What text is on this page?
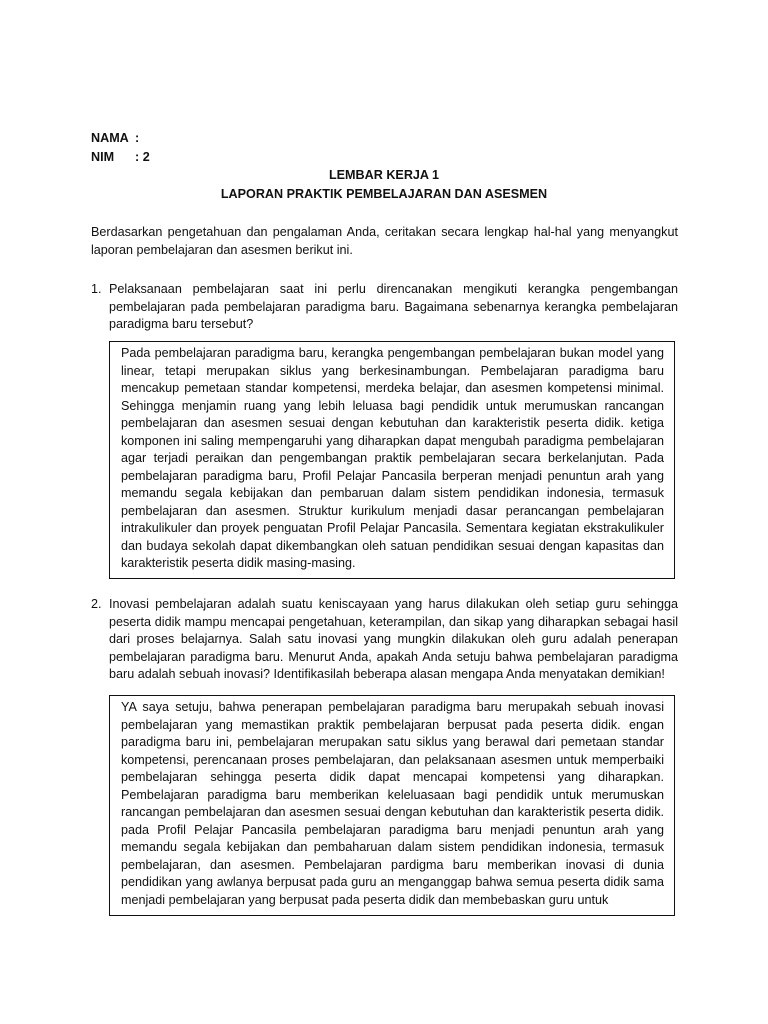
NAMA :
NIM	: 2
LEMBAR KERJA 1
LAPORAN PRAKTIK PEMBELAJARAN DAN ASESMEN
Berdasarkan pengetahuan dan pengalaman Anda, ceritakan secara lengkap hal-hal yang menyangkut laporan pembelajaran dan asesmen berikut ini.
1. Pelaksanaan pembelajaran saat ini perlu direncanakan mengikuti kerangka pengembangan pembelajaran pada pembelajaran paradigma baru. Bagaimana sebenarnya kerangka pembelajaran paradigma baru tersebut?

Pada pembelajaran paradigma baru, kerangka pengembangan pembelajaran bukan model yang linear, tetapi merupakan siklus yang berkesinambungan. Pembelajaran paradigma baru mencakup pemetaan standar kompetensi, merdeka belajar, dan asesmen kompetensi minimal. Sehingga menjamin ruang yang lebih leluasa bagi pendidik untuk merumuskan rancangan pembelajaran dan asesmen sesuai dengan kebutuhan dan karakteristik peserta didik. ketiga komponen ini saling mempengaruhi yang diharapkan dapat mengubah paradigma pembelajaran agar terjadi peraikan dan pengembangan praktik pembelajaran secara berkelanjutan. Pada pembelajaran paradigma baru, Profil Pelajar Pancasila berperan menjadi penuntun arah yang memandu segala kebijakan dan pembaruan dalam sistem pendidikan indonesia, termasuk pembelajaran dan asesmen. Struktur kurikulum menjadi dasar perancangan pembelajaran intrakulikuler dan proyek penguatan Profil Pelajar Pancasila. Sementara kegiatan ekstrakulikuler dan budaya sekolah dapat dikembangkan oleh satuan pendidikan sesuai dengan kapasitas dan karakteristik peserta didik masing-masing.

2. Inovasi pembelajaran adalah suatu keniscayaan yang harus dilakukan oleh setiap guru sehingga peserta didik mampu mencapai pengetahuan, keterampilan, dan sikap yang diharapkan sebagai hasil dari proses belajarnya. Salah satu inovasi yang mungkin dilakukan oleh guru adalah penerapan pembelajaran paradigma baru. Menurut Anda, apakah Anda setuju bahwa pembelajaran paradigma baru adalah sebuah inovasi? Identifikasilah beberapa alasan mengapa Anda menyatakan demikian!

YA saya setuju, bahwa penerapan pembelajaran paradigma baru merupakah sebuah inovasi pembelajaran yang memastikan praktik pembelajaran berpusat pada peserta didik. engan paradigma baru ini, pembelajaran merupakan satu siklus yang berawal dari pemetaan standar kompetensi, perencanaan proses pembelajaran, dan pelaksanaan asesmen untuk memperbaiki pembelajaran sehingga peserta didik dapat mencapai kompetensi yang diharapkan. Pembelajaran paradigma baru memberikan keleluasaan bagi pendidik untuk merumuskan rancangan pembelajaran dan asesmen sesuai dengan kebutuhan dan karakteristik peserta didik. pada Profil Pelajar Pancasila pembelajaran paradigma baru menjadi penuntun arah yang memandu segala kebijakan dan pembaharuan dalam sistem pendidikan indonesia, termasuk pembelajaran, dan asesmen. Pembelajaran pardigma baru memberikan inovasi di dunia pendidikan yang awlanya berpusat pada guru an menganggap bahwa semua peserta didik sama menjadi pembelajaran yang berpusat pada peserta didik dan membebaskan guru untuk
